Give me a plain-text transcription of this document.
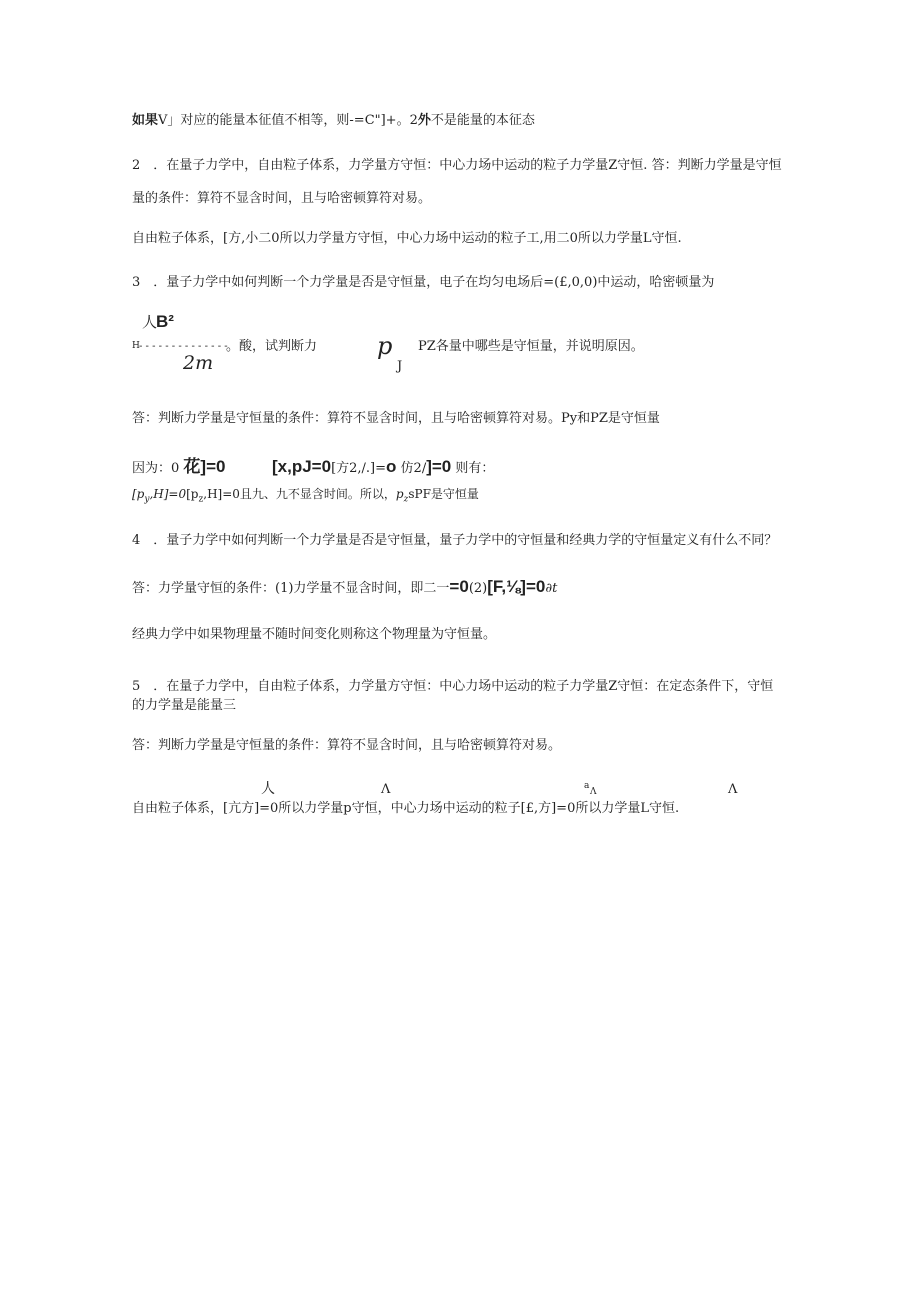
如果V」对应的能量本征值不相等，则-=C"]+。2外不是能量的本征态
2　．在量子力学中，自由粒子体系，力学量方守恒：中心力场中运动的粒子力学量Z守恒. 答：判断力学量是守恒
量的条件：算符不显含时间，且与哈密顿算符对易。
自由粒子体系，[方,小二0所以力学量方守恒，中心力场中运动的粒子工,用二0所以力学量L守恒.
3　．量子力学中如何判断一个力学量是否是守恒量，电子在均匀电场后=(£,0,0)中运动，哈密顿量为
人
B²
H - - - - - - - - - - - - - -
。酸，试判断力 p
J
PZ各量中哪些是守恒量，并说明原因。
2m
答：判断力学量是守恒量的条件：算符不显含时间，且与哈密顿算符对易。Py和PZ是守恒量
因为：0 花]=0	[x,pJ=0[方2,/.]=o 仿2/]=0 则有：
$[p_y,H]=0[p_z,H]=0$且九、九不显含时间。所以，$p_zsPF$是守恒量
4　．量子力学中如何判断一个力学量是否是守恒量，量子力学中的守恒量和经典力学的守恒量定义有什么不同？
答：力学量守恒的条件：(1)力学量不显含时间，即二一=0(2)[F,⅛]=0∂t
经典力学中如果物理量不随时间变化则称这个物理量为守恒量。
5　．在量子力学中，自由粒子体系，力学量方守恒：中心力场中运动的粒子力学量Z守恒：在定态条件下，守恒
的力学量是能量三
答：判断力学量是守恒量的条件：算符不显含时间，且与哈密顿算符对易。
人	Λ	a
Λ	Λ
自由粒子体系，[亢方]=0所以力学量p守恒，中心力场中运动的粒子[£,方]=0所以力学量L守恒.
